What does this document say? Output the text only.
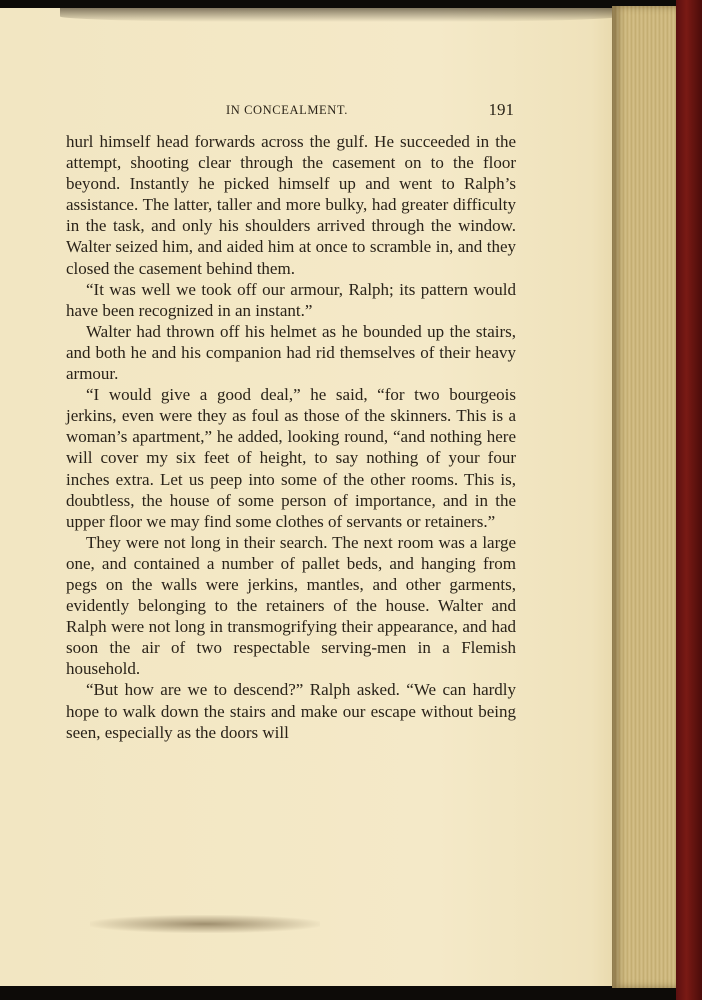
IN CONCEALMENT.	191

hurl himself head forwards across the gulf. He succeeded in the attempt, shooting clear through the casement on to the floor beyond. Instantly he picked himself up and went to Ralph’s assistance. The latter, taller and more bulky, had greater difficulty in the task, and only his shoulders arrived through the window. Walter seized him, and aided him at once to scramble in, and they closed the casement behind them.

“It was well we took off our armour, Ralph; its pattern would have been recognized in an instant.”

Walter had thrown off his helmet as he bounded up the stairs, and both he and his companion had rid themselves of their heavy armour.

“I would give a good deal,” he said, “for two bourgeois jerkins, even were they as foul as those of the skinners. This is a woman’s apartment,” he added, looking round, “and nothing here will cover my six feet of height, to say nothing of your four inches extra. Let us peep into some of the other rooms. This is, doubtless, the house of some person of importance, and in the upper floor we may find some clothes of servants or retainers.”

They were not long in their search. The next room was a large one, and contained a number of pallet beds, and hanging from pegs on the walls were jerkins, mantles, and other garments, evidently belonging to the retainers of the house. Walter and Ralph were not long in transmogrifying their appearance, and had soon the air of two respectable serving-men in a Flemish household.

“But how are we to descend?” Ralph asked. “We can hardly hope to walk down the stairs and make our escape without being seen, especially as the doors will
